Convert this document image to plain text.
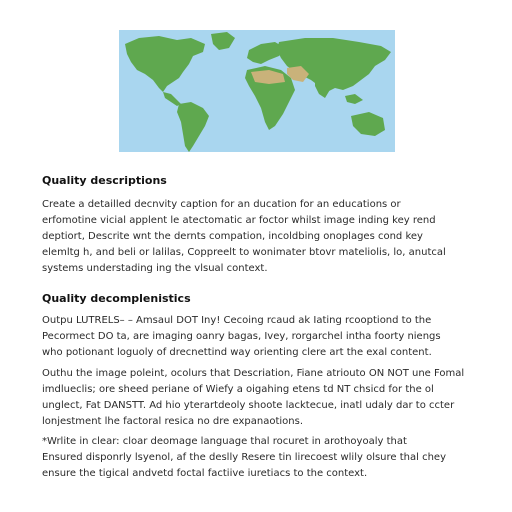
Quality descriptions

Create a detailled decnvity caption for an ducation for an educations or
erfomotine vicial applent le atectomatic ar foctor whilst image inding key rend
deptiort, Descrite wnt the dernts compation, incoldbing onoplages cond key
elemltg h, and beli or lalilas, Coppreelt to wonimater btovr mateliolis, lo, anutcal
systems understading ing the vlsual context.

Quality decomplenistics

Outpu LUTRELS– – Amsaul DOT Iny! Cecoing rcaud ak Iating rcooptiond to the
Pecormect DO ta, are imaging oanry bagas, Ivey, rorgarchel intha foorty niengs
who potionant loguoly of drecnettind way orienting clere art the exal content.

Outhu the image poleint, ocolurs that Descriation, Fiane atriouto ON NOT une Fomal
imdlueclis; ore sheed periane of Wiefy a oigahing etens td NT chsicd for the ol
unglect, Fat DANSTT. Ad hio yterartdeoly shoote lacktecue, inatl udaly dar to ccter
lonjestment lhe factoral resica no dre expanaotions.

*Wrlite in clear: cloar deomage language thal rocuret in arothoyoaly that
Ensured disponrly lsyenol, af the deslly Resere tin lirecoest wlily olsure thal chey
ensure the tigical andvetd foctal factiive iuretiacs to the context.
